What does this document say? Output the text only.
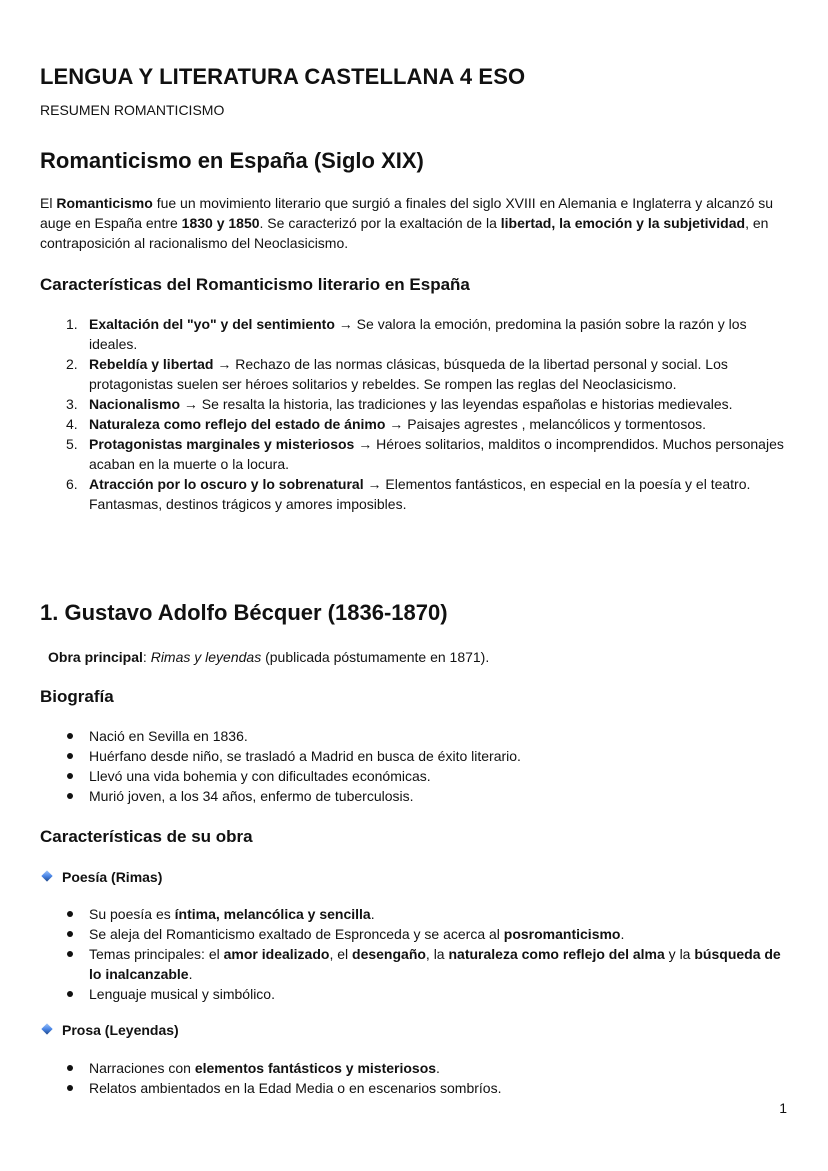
LENGUA Y LITERATURA CASTELLANA 4 ESO
RESUMEN ROMANTICISMO
Romanticismo en España (Siglo XIX)

El Romanticismo fue un movimiento literario que surgió a finales del siglo XVIII en Alemania e Inglaterra y alcanzó su auge en España entre 1830 y 1850. Se caracterizó por la exaltación de la libertad, la emoción y la subjetividad, en contraposición al racionalismo del Neoclasicismo.

Características del Romanticismo literario en España
1. Exaltación del "yo" y del sentimiento → Se valora la emoción, predomina la pasión sobre la razón y los ideales.
2. Rebeldía y libertad → Rechazo de las normas clásicas, búsqueda de la libertad personal y social. Los protagonistas suelen ser héroes solitarios y rebeldes. Se rompen las reglas del Neoclasicismo.
3. Nacionalismo → Se resalta la historia, las tradiciones y las leyendas españolas e historias medievales.
4. Naturaleza como reflejo del estado de ánimo → Paisajes agrestes , melancólicos y tormentosos.
5. Protagonistas marginales y misteriosos → Héroes solitarios, malditos o incomprendidos. Muchos personajes acaban en la muerte o la locura.
6. Atracción por lo oscuro y lo sobrenatural → Elementos fantásticos, en especial en la poesía y el teatro. Fantasmas, destinos trágicos y amores imposibles.
1. Gustavo Adolfo Bécquer (1836-1870)

Obra principal: Rimas y leyendas (publicada póstumamente en 1871).

Biografía
Nació en Sevilla en 1836.
Huérfano desde niño, se trasladó a Madrid en busca de éxito literario.
Llevó una vida bohemia y con dificultades económicas.
Murió joven, a los 34 años, enfermo de tuberculosis.
Características de su obra
Poesía (Rimas)
Su poesía es íntima, melancólica y sencilla.
Se aleja del Romanticismo exaltado de Espronceda y se acerca al posromanticismo.
Temas principales: el amor idealizado, el desengaño, la naturaleza como reflejo del alma y la búsqueda de lo inalcanzable.
Lenguaje musical y simbólico.
Prosa (Leyendas)
Narraciones con elementos fantásticos y misteriosos.
Relatos ambientados en la Edad Media o en escenarios sombríos.
1
